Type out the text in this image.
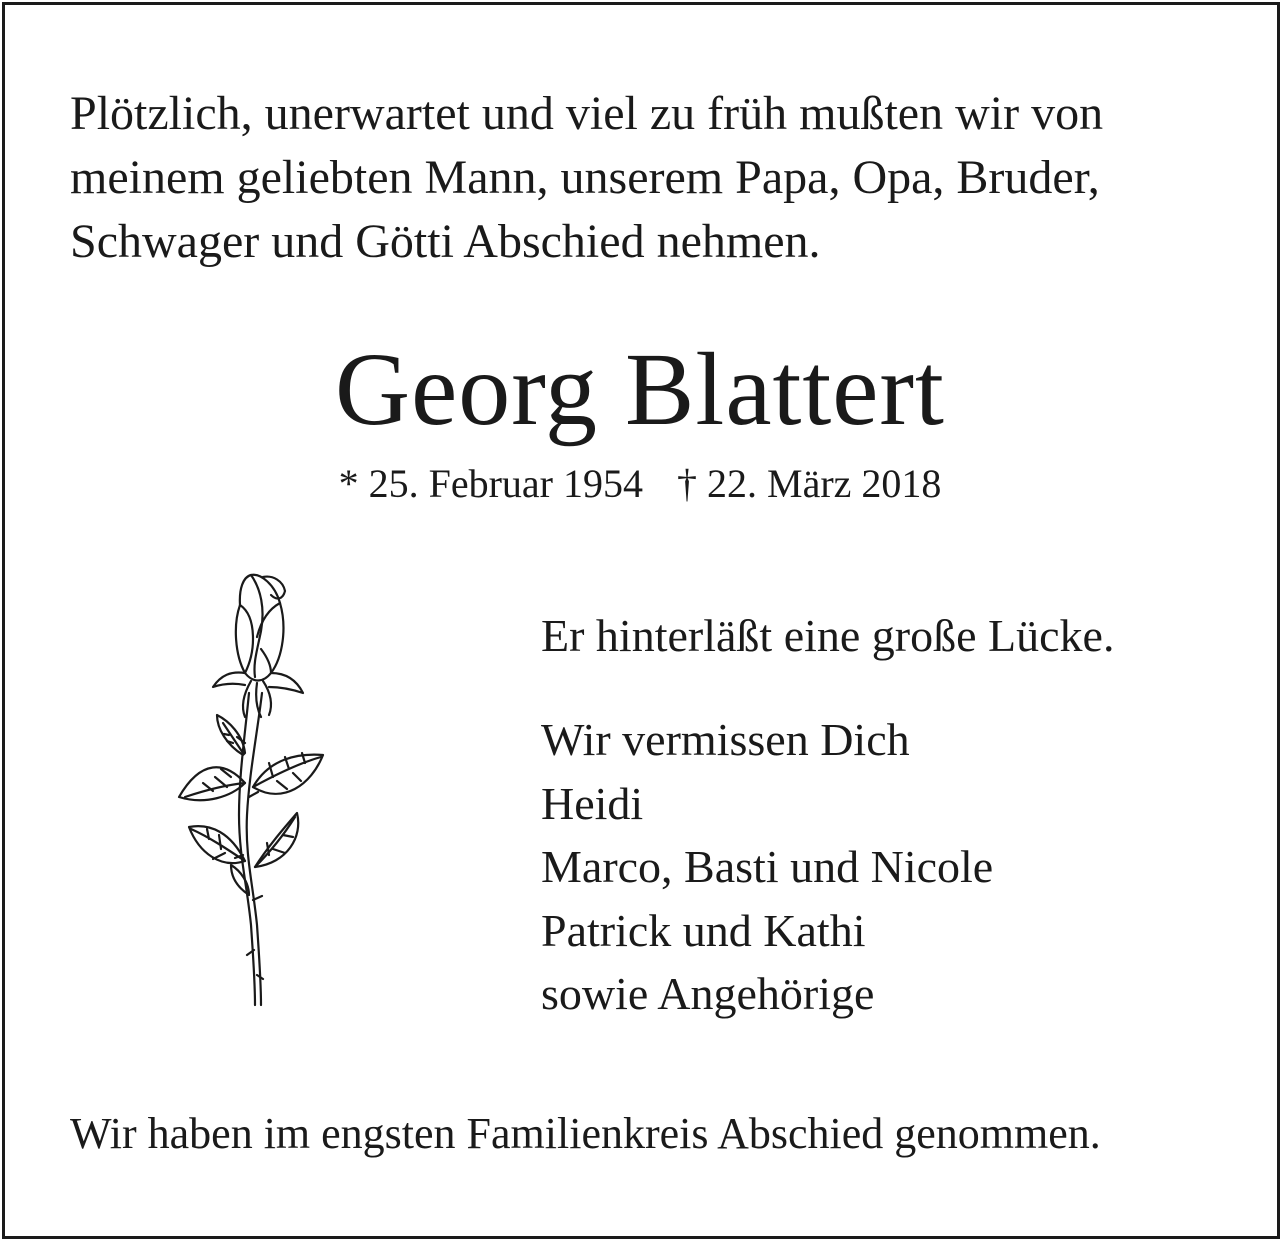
Plötzlich, unerwartet und viel zu früh mußten wir von
meinem geliebten Mann, unserem Papa, Opa, Bruder,
Schwager und Götti Abschied nehmen.
Georg Blattert
* 25. Februar 1954 † 22. März 2018
Er hinterläßt eine große Lücke.
Wir vermissen Dich
Heidi
Marco, Basti und Nicole
Patrick und Kathi
sowie Angehörige
Wir haben im engsten Familienkreis Abschied genommen.
